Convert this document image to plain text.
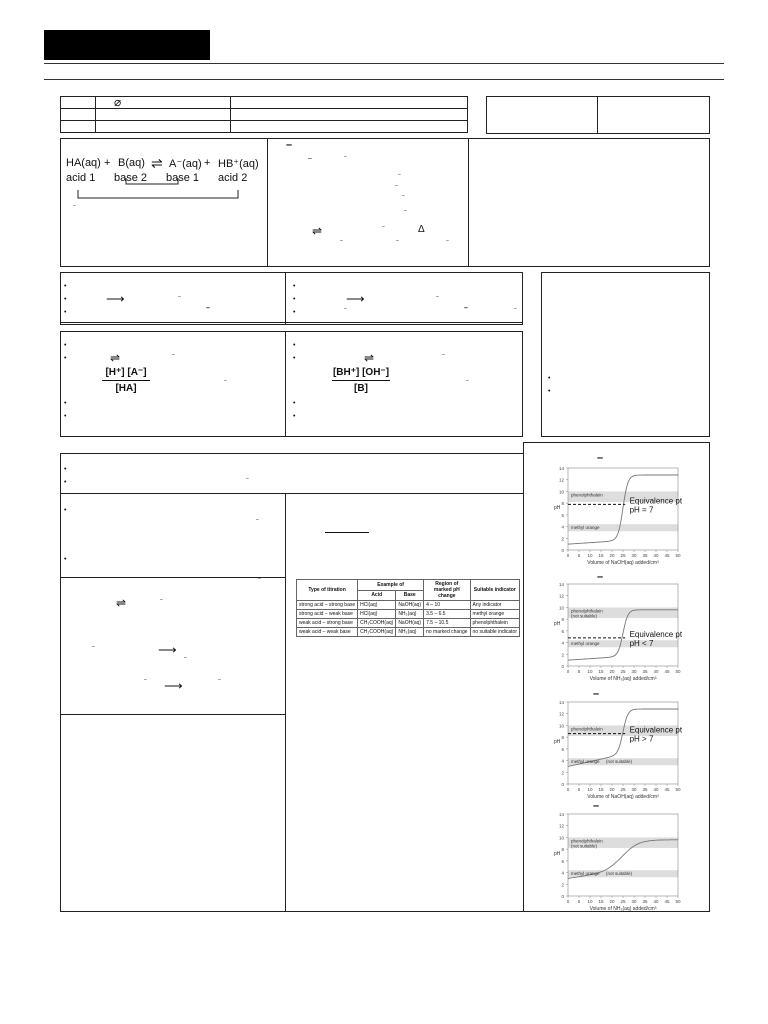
⌀
HA(aq) + B(aq) ⇌ A⁻(aq) + HB⁺(aq)
acid 1 base 2 base 1 acid 2
–
–
–	–
–
–
–
–
⇌	–	Δ
–	–	–
•
•
⟶	–
•
–
•
•
⟶	–
•
–	–	–
•
•
⇌	–
[H⁺] [A⁻]
[HA]
–
•
•
•
•
⇌	–
[BH⁺] [OH⁻]
[B]
–
•
•
•
•
•
•
–
•
–
•
–
⇌	–
–	⟶
–
– ⟶	–
Type of titration	Example of		Region of marked pH change	Suitable indicator
	Acid	Base		
strong acid – strong base	HCl(aq)	NaOH(aq)	4 – 10	Any indicator
strong acid – weak base	HCl(aq)	NH₃(aq)	3.5 – 6.5	methyl orange
weak acid – strong base	CH₃COOH(aq)	NaOH(aq)	7.5 – 10.5	phenolphthalein
weak acid – weak base	CH₃COOH(aq)	NH₃(aq)	no marked change	no suitable indicator
–
–
–
–
0
2
4
6
8
10
12
14
0 5 10 15 20 25 30 35 40 45 50
pH
Volume of NaOH(aq) added/cm³
phenolphthalein
methyl orange
Equivalence pt
pH = 7
0
2
4
6
8
10
12
14
0 5 10 15 20 25 30 35 40 45 50
pH
Volume of NH₃(aq) added/cm³
phenolphthalein
(not suitable)
methyl orange
Equivalence pt
pH < 7
0
2
4
6
8
10
12
14
0 5 10 15 20 25 30 35 40 45 50
pH
Volume of NaOH(aq) added/cm³
phenolphthalein
methyl orange (not suitable)
Equivalence pt
pH > 7
0
2
4
6
8
10
12
14
0 5 10 15 20 25 30 35 40 45 50
pH
Volume of NH₃(aq) added/cm³
phenolphthalein
(not suitable)
methyl orange (not suitable)
